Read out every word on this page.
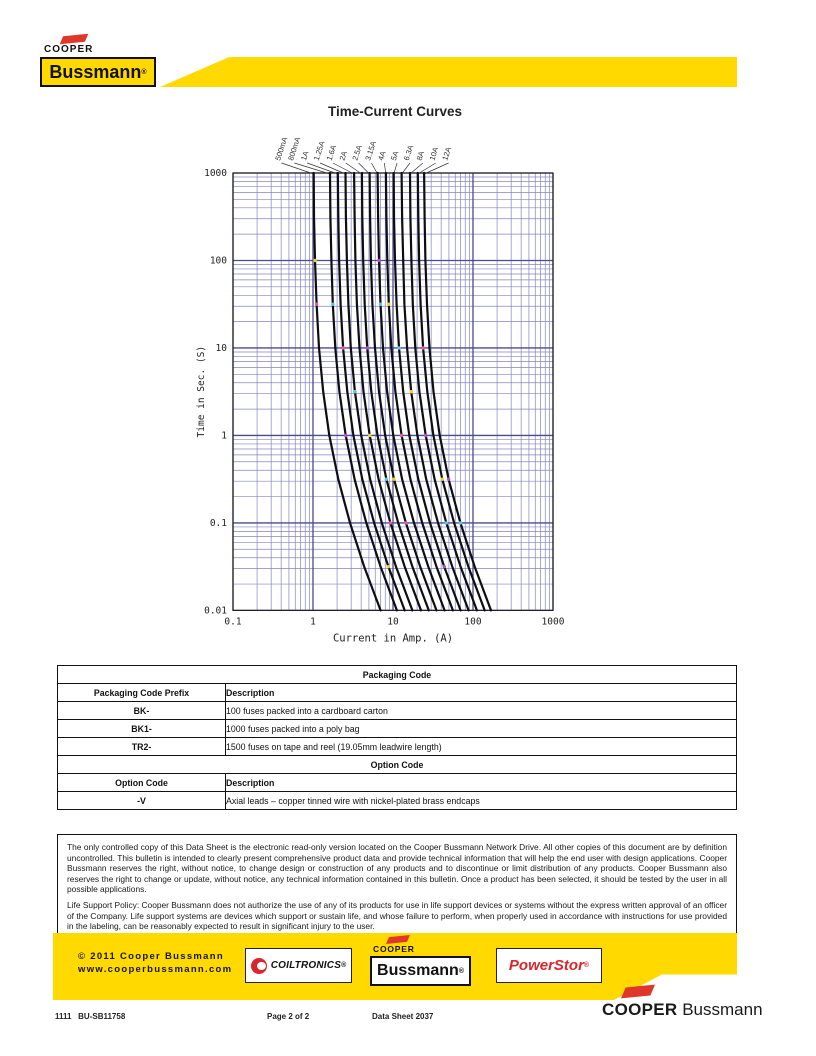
COOPER
Bussmann ®
Time-Current Curves
0.1	1	10	100	1000
1000
100
10
1
0.1
0.01
Current in Amp. (A)
Time in Sec. (S)
500mA
800mA
1A 1.25A
1.6A 2A 2.5A 3.15A
4A 5A 6.3A 8A 10A 12A
Packaging Code	
Packaging Code Prefix	Description
BK-	100 fuses packed into a cardboard carton
BK1-	1000 fuses packed into a poly bag
TR2-	1500 fuses on tape and reel (19.05mm leadwire length)
Option Code	
Option Code	Description
-V	Axial leads – copper tinned wire with nickel-plated brass endcaps

The only controlled copy of this Data Sheet is the electronic read-only version located on the Cooper Bussmann Network Drive. All other copies of this document are by definition uncontrolled. This bulletin is intended to clearly present comprehensive product data and provide technical information that will help the end user with design applications. Cooper Bussmann reserves the right, without notice, to change design or construction of any products and to discontinue or limit distribution of any products. Cooper Bussmann also reserves the right to change or update, without notice, any technical information contained in this bulletin. Once a product has been selected, it should be tested by the user in all possible applications.

Life Support Policy: Cooper Bussmann does not authorize the use of any of its products for use in life support devices or systems without the express written approval of an officer of the Company. Life support systems are devices which support or sustain life, and whose failure to perform, when properly used in accordance with instructions for use provided in the labeling, can be reasonably expected to result in significant injury to the user.

© 2011 Cooper Bussmann
www.cooperbussmann.com	COILTRONICS ®
COOPER
Bussmann ®	PowerStor ®
1111   BU-SB11758	Page 2 of 2	Data Sheet 2037	COOPER Bussmann
